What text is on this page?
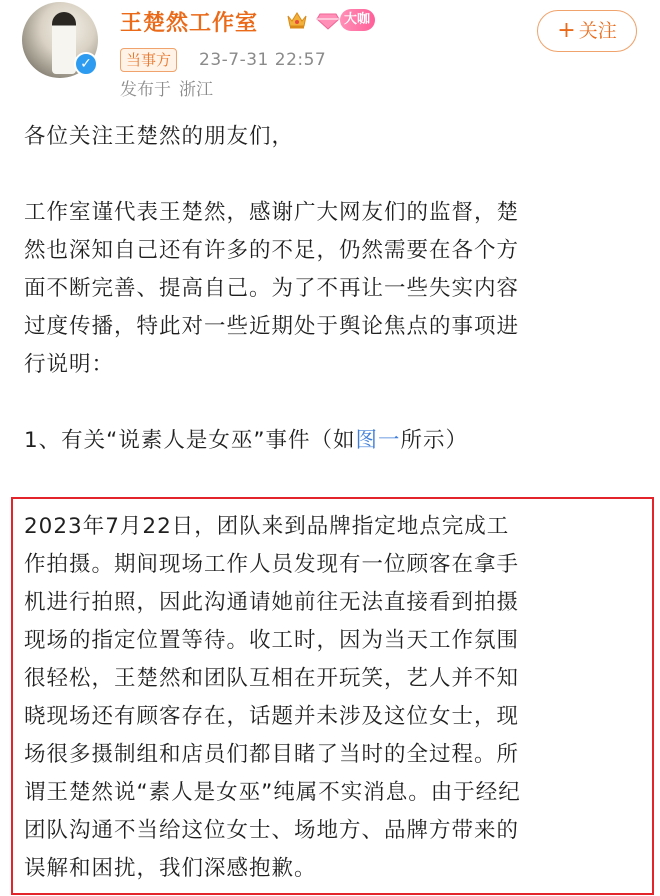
✓
王楚然工作室	大咖	+ 关注
当事方	23-7-31 22:57
发布于 浙江
各位关注王楚然的朋友们，
工作室谨代表王楚然，感谢广大网友们的监督，楚
然也深知自己还有许多的不足，仍然需要在各个方
面不断完善、提高自己。为了不再让一些失实内容
过度传播，特此对一些近期处于舆论焦点的事项进
行说明：
1、有关“说素人是女巫”事件（如图一所示）
2023年7月22日，团队来到品牌指定地点完成工
作拍摄。期间现场工作人员发现有一位顾客在拿手
机进行拍照，因此沟通请她前往无法直接看到拍摄
现场的指定位置等待。收工时，因为当天工作氛围
很轻松，王楚然和团队互相在开玩笑，艺人并不知
晓现场还有顾客存在，话题并未涉及这位女士，现
场很多摄制组和店员们都目睹了当时的全过程。所
谓王楚然说“素人是女巫”纯属不实消息。由于经纪
团队沟通不当给这位女士、场地方、品牌方带来的
误解和困扰，我们深感抱歉。
